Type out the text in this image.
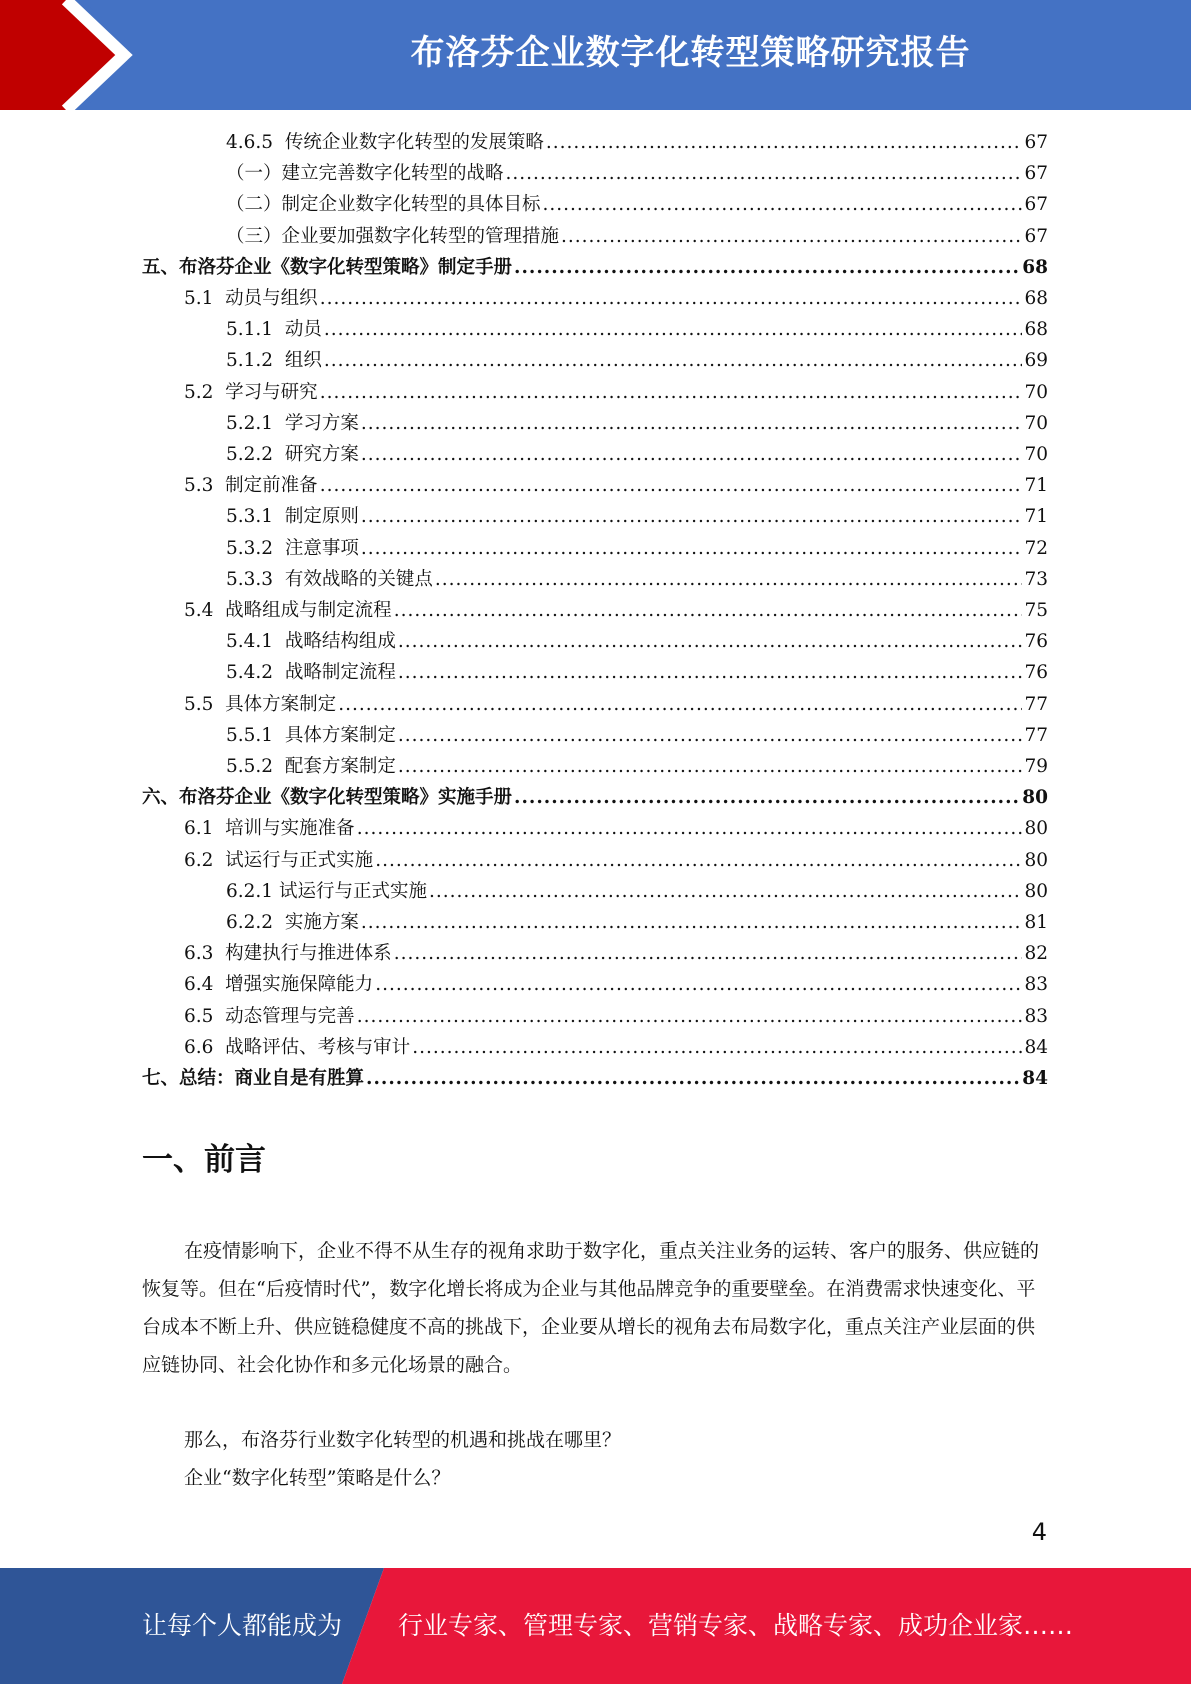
布洛芬企业数字化转型策略研究报告
4.6.5  传统企业数字化转型的发展策略 .....	67
（一）建立完善数字化转型的战略 .....	67
（二）制定企业数字化转型的具体目标 .....	67
（三）企业要加强数字化转型的管理措施 .....	67
五、布洛芬企业《数字化转型策略》制定手册 .....	68
5.1  动员与组织 .....	68
5.1.1  动员 .....	68
5.1.2  组织 .....	69
5.2  学习与研究 .....	70
5.2.1  学习方案 .....	70
5.2.2  研究方案 .....	70
5.3  制定前准备 .....	71
5.3.1  制定原则 .....	71
5.3.2  注意事项 .....	72
5.3.3  有效战略的关键点 .....	73
5.4  战略组成与制定流程 .....	75
5.4.1  战略结构组成 .....	76
5.4.2  战略制定流程 .....	76
5.5  具体方案制定 .....	77
5.5.1  具体方案制定 .....	77
5.5.2  配套方案制定 .....	79
六、布洛芬企业《数字化转型策略》实施手册 .....	80
6.1  培训与实施准备 .....	80
6.2  试运行与正式实施 .....	80
6.2.1 试运行与正式实施 .....	80
6.2.2  实施方案 .....	81
6.3  构建执行与推进体系 .....	82
6.4  增强实施保障能力 .....	83
6.5  动态管理与完善 .....	83
6.6  战略评估、考核与审计 .....	84
七、总结：商业自是有胜算 .....	84
一、前言

在疫情影响下，企业不得不从生存的视角求助于数字化，重点关注业务的运转、客户的服务、供应链的恢复等。但在“后疫情时代”，数字化增长将成为企业与其他品牌竞争的重要壁垒。在消费需求快速变化、平台成本不断上升、供应链稳健度不高的挑战下，企业要从增长的视角去布局数字化，重点关注产业层面的供应链协同、社会化协作和多元化场景的融合。

那么，布洛芬行业数字化转型的机遇和挑战在哪里？
企业“数字化转型”策略是什么？
4
让每个人都能成为 行业专家、管理专家、营销专家、战略专家、成功企业家……
